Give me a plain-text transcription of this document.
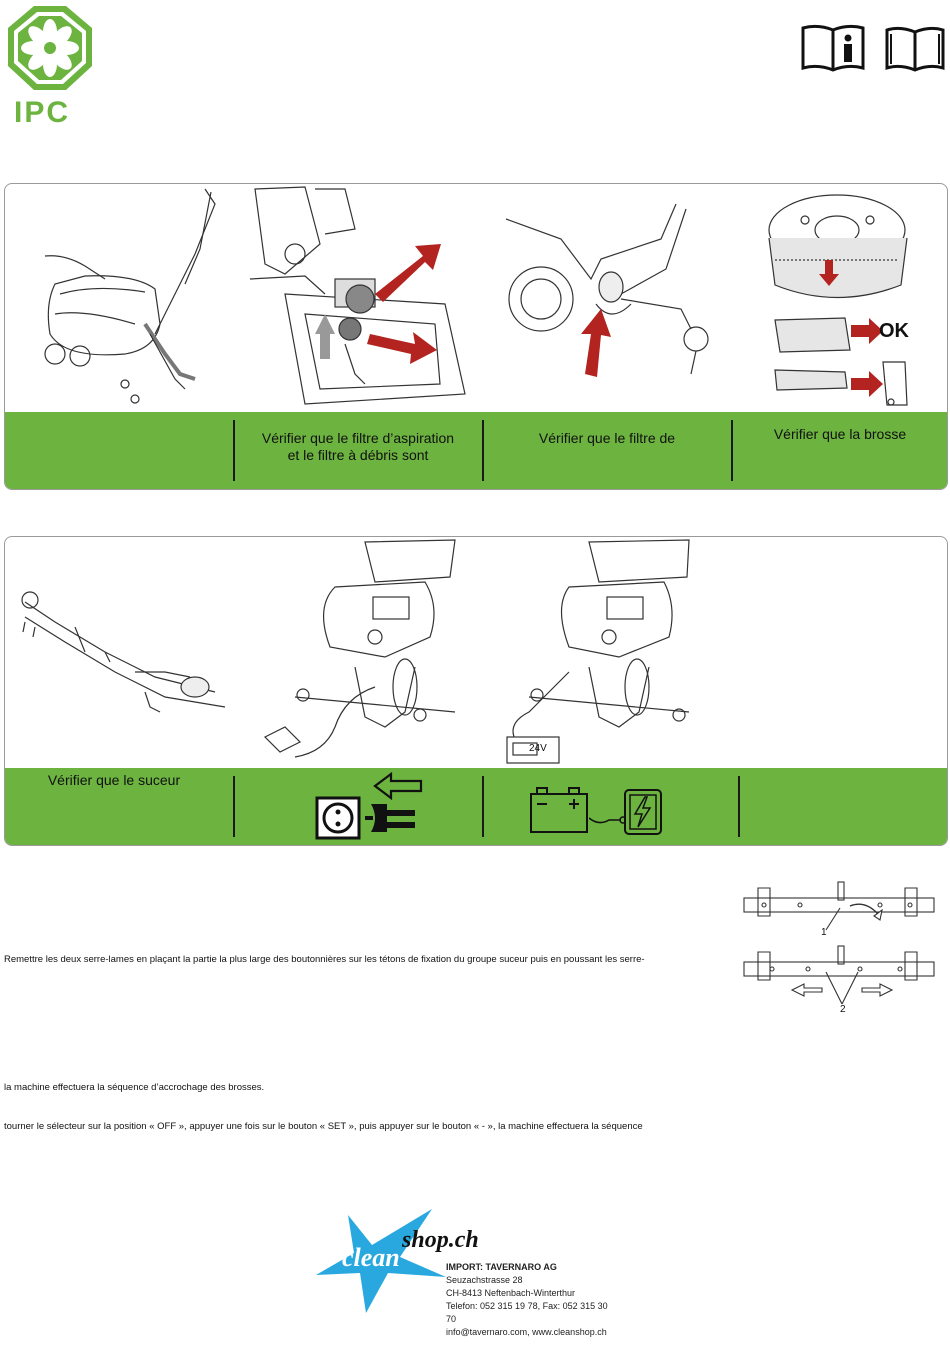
IPC
OK
Vérifier que le filtre d’aspiration
et le filtre à débris sont
Vérifier que le filtre de	Vérifier que la brosse
24V
Vérifier que le suceur
1
2
Remettre les deux serre-lames en plaçant la partie la plus large des boutonnières sur les tétons de fixation du groupe suceur puis en poussant les serre-
la machine effectuera la séquence d’accrochage des brosses.
tourner le sélecteur sur la position « OFF », appuyer une fois sur le bouton « SET », puis appuyer sur le bouton « - », la machine effectuera la séquence
clean
shop.ch
IMPORT: TAVERNARO AG
Seuzachstrasse 28
CH-8413 Neftenbach-Winterthur
Telefon: 052 315 19 78, Fax: 052 315 30 70
info@tavernaro.com, www.cleanshop.ch
